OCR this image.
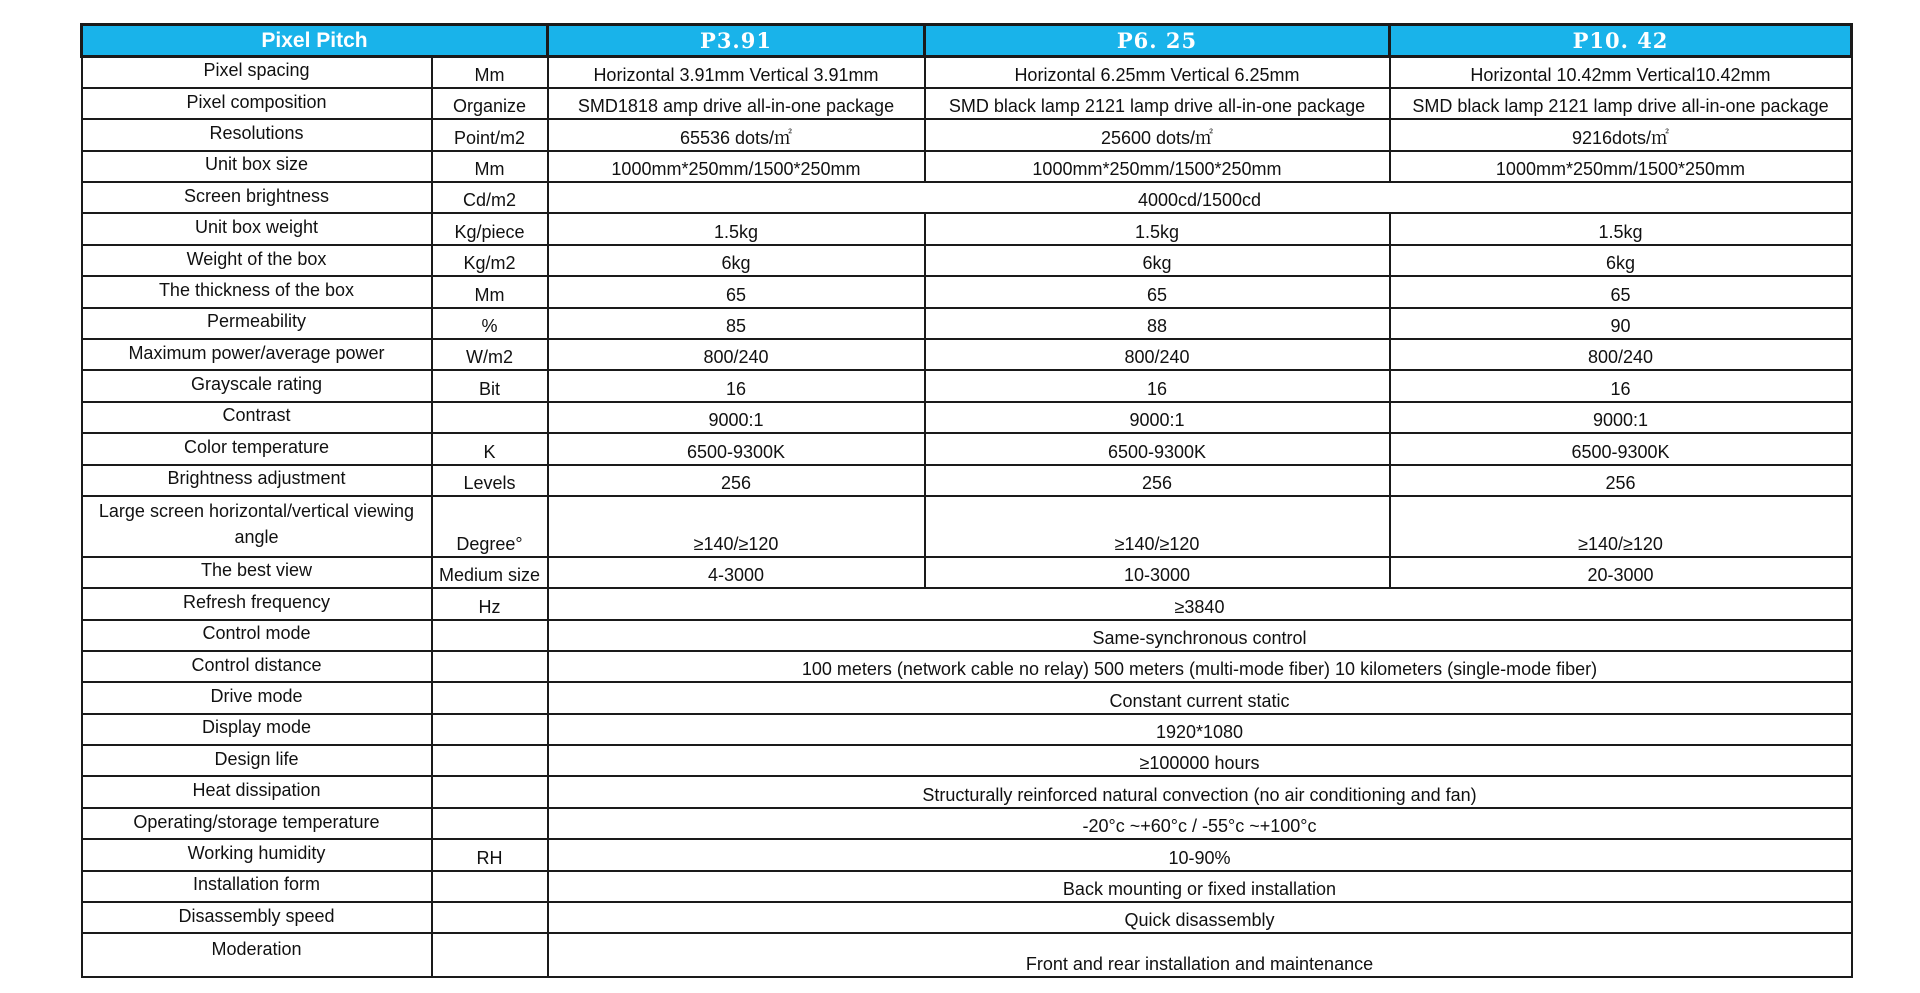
Pixel Pitch		P3.91	P6. 25	P10. 42
Pixel spacing	Mm	Horizontal 3.91mm Vertical 3.91mm	Horizontal 6.25mm Vertical 6.25mm	Horizontal 10.42mm Vertical10.42mm
Pixel composition	Organize	SMD1818 amp drive all-in-one package	SMD black lamp 2121 lamp drive all-in-one package	SMD black lamp 2121 lamp drive all-in-one package
Resolutions	Point/m2	65536 dots/㎡	25600 dots/㎡	9216dots/㎡
Unit box size	Mm	1000mm*250mm/1500*250mm	1000mm*250mm/1500*250mm	1000mm*250mm/1500*250mm
Screen brightness	Cd/m2	4000cd/1500cd		
Unit box weight	Kg/piece	1.5kg	1.5kg	1.5kg
Weight of the box	Kg/m2	6kg	6kg	6kg
The thickness of the box	Mm	65	65	65
Permeability	%	85	88	90
Maximum power/average power	W/m2	800/240	800/240	800/240
Grayscale rating	Bit	16	16	16
Contrast		9000:1	9000:1	9000:1
Color temperature	K	6500-9300K	6500-9300K	6500-9300K
Brightness adjustment	Levels	256	256	256
Large screen horizontal/vertical viewing angle	Degree°	≥140/≥120	≥140/≥120	≥140/≥120
The best view	Medium size	4-3000	10-3000	20-3000
Refresh frequency	Hz	≥3840		
Control mode		Same-synchronous control		
Control distance		100 meters (network cable no relay) 500 meters (multi-mode fiber) 10 kilometers (single-mode fiber)		
Drive mode		Constant current static		
Display mode		1920*1080		
Design life		≥100000 hours		
Heat dissipation		Structurally reinforced natural convection (no air conditioning and fan)		
Operating/storage temperature		-20°c ~+60°c / -55°c ~+100°c		
Working humidity	RH	10-90%		
Installation form		Back mounting or fixed installation		
Disassembly speed		Quick disassembly		
Moderation		Front and rear installation and maintenance		
